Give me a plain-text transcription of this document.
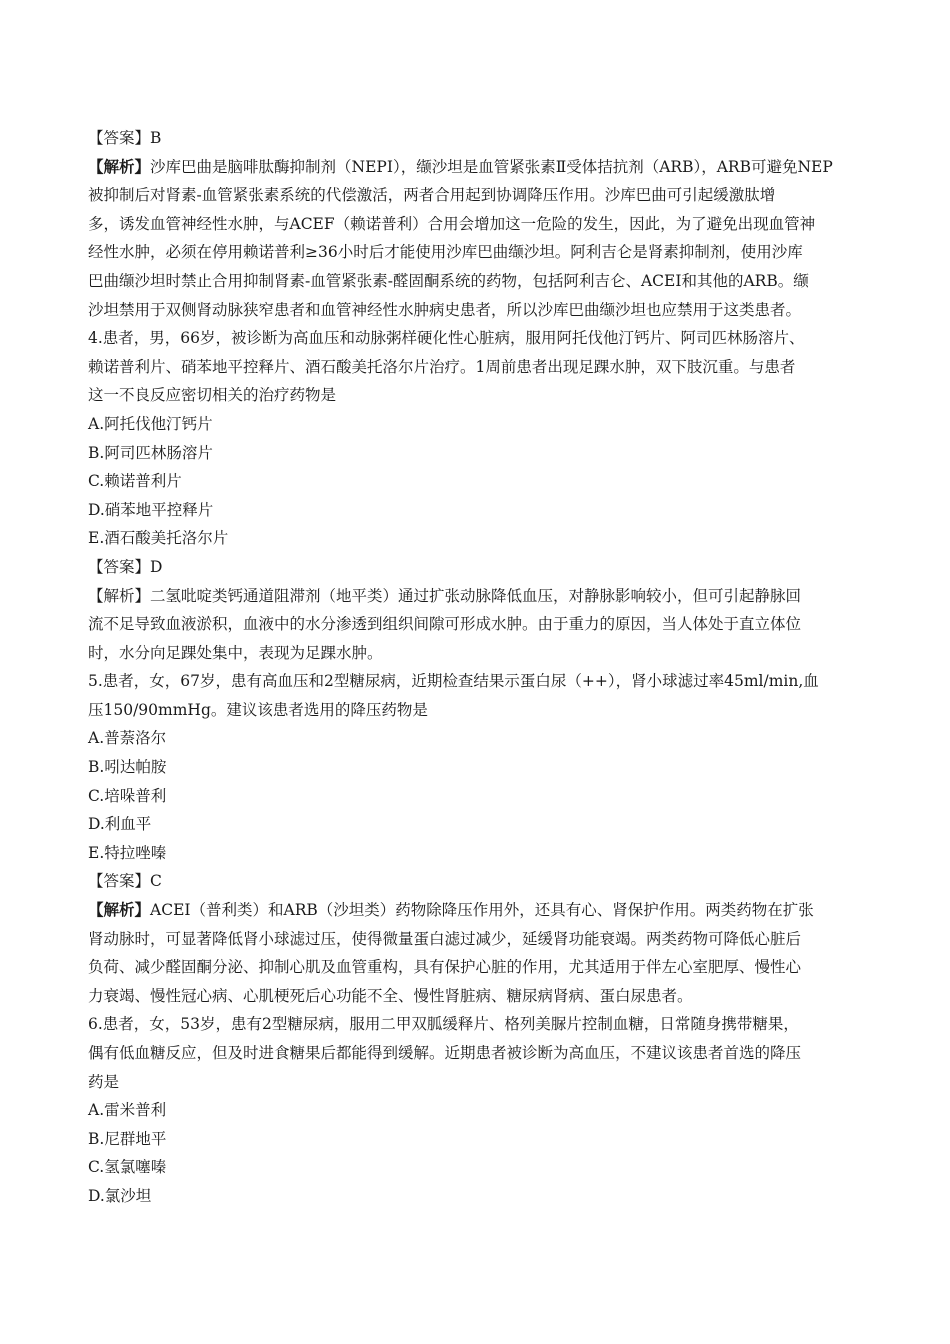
【答案】B
【解析】沙库巴曲是脑啡肽酶抑制剂（NEPI），缬沙坦是血管紧张素Ⅱ受体拮抗剂（ARB），ARB可避免NEP
被抑制后对肾素-血管紧张素系统的代偿激活，两者合用起到协调降压作用。沙库巴曲可引起缓激肽增
多，诱发血管神经性水肿，与ACEF（赖诺普利）合用会增加这一危险的发生，因此，为了避免出现血管神
经性水肿，必须在停用赖诺普利≥36小时后才能使用沙库巴曲缬沙坦。阿利吉仑是肾素抑制剂，使用沙库
巴曲缬沙坦时禁止合用抑制肾素-血管紧张素-醛固酮系统的药物，包括阿利吉仑、ACEI和其他的ARB。缬
沙坦禁用于双侧肾动脉狭窄患者和血管神经性水肿病史患者，所以沙库巴曲缬沙坦也应禁用于这类患者。
4.患者，男，66岁，被诊断为高血压和动脉粥样硬化性心脏病，服用阿托伐他汀钙片、阿司匹林肠溶片、
赖诺普利片、硝苯地平控释片、酒石酸美托洛尔片治疗。1周前患者出现足踝水肿，双下肢沉重。与患者
这一不良反应密切相关的治疗药物是
A.阿托伐他汀钙片
B.阿司匹林肠溶片
C.赖诺普利片
D.硝苯地平控释片
E.酒石酸美托洛尔片
【答案】D
【解析】二氢吡啶类钙通道阻滞剂（地平类）通过扩张动脉降低血压，对静脉影响较小，但可引起静脉回
流不足导致血液淤积，血液中的水分渗透到组织间隙可形成水肿。由于重力的原因，当人体处于直立体位
时，水分向足踝处集中，表现为足踝水肿。
5.患者，女，67岁，患有高血压和2型糖尿病，近期检查结果示蛋白尿（++），肾小球滤过率45ml/min,血
压150/90mmHg。建议该患者选用的降压药物是
A.普萘洛尔
B.吲达帕胺
C.培哚普利
D.利血平
E.特拉唑嗪
【答案】C
【解析】ACEI（普利类）和ARB（沙坦类）药物除降压作用外，还具有心、肾保护作用。两类药物在扩张
肾动脉时，可显著降低肾小球滤过压，使得微量蛋白滤过减少，延缓肾功能衰竭。两类药物可降低心脏后
负荷、减少醛固酮分泌、抑制心肌及血管重构，具有保护心脏的作用，尤其适用于伴左心室肥厚、慢性心
力衰竭、慢性冠心病、心肌梗死后心功能不全、慢性肾脏病、糖尿病肾病、蛋白尿患者。
6.患者，女，53岁，患有2型糖尿病，服用二甲双胍缓释片、格列美脲片控制血糖，日常随身携带糖果，
偶有低血糖反应，但及时进食糖果后都能得到缓解。近期患者被诊断为高血压，不建议该患者首选的降压
药是
A.雷米普利
B.尼群地平
C.氢氯噻嗪
D.氯沙坦
